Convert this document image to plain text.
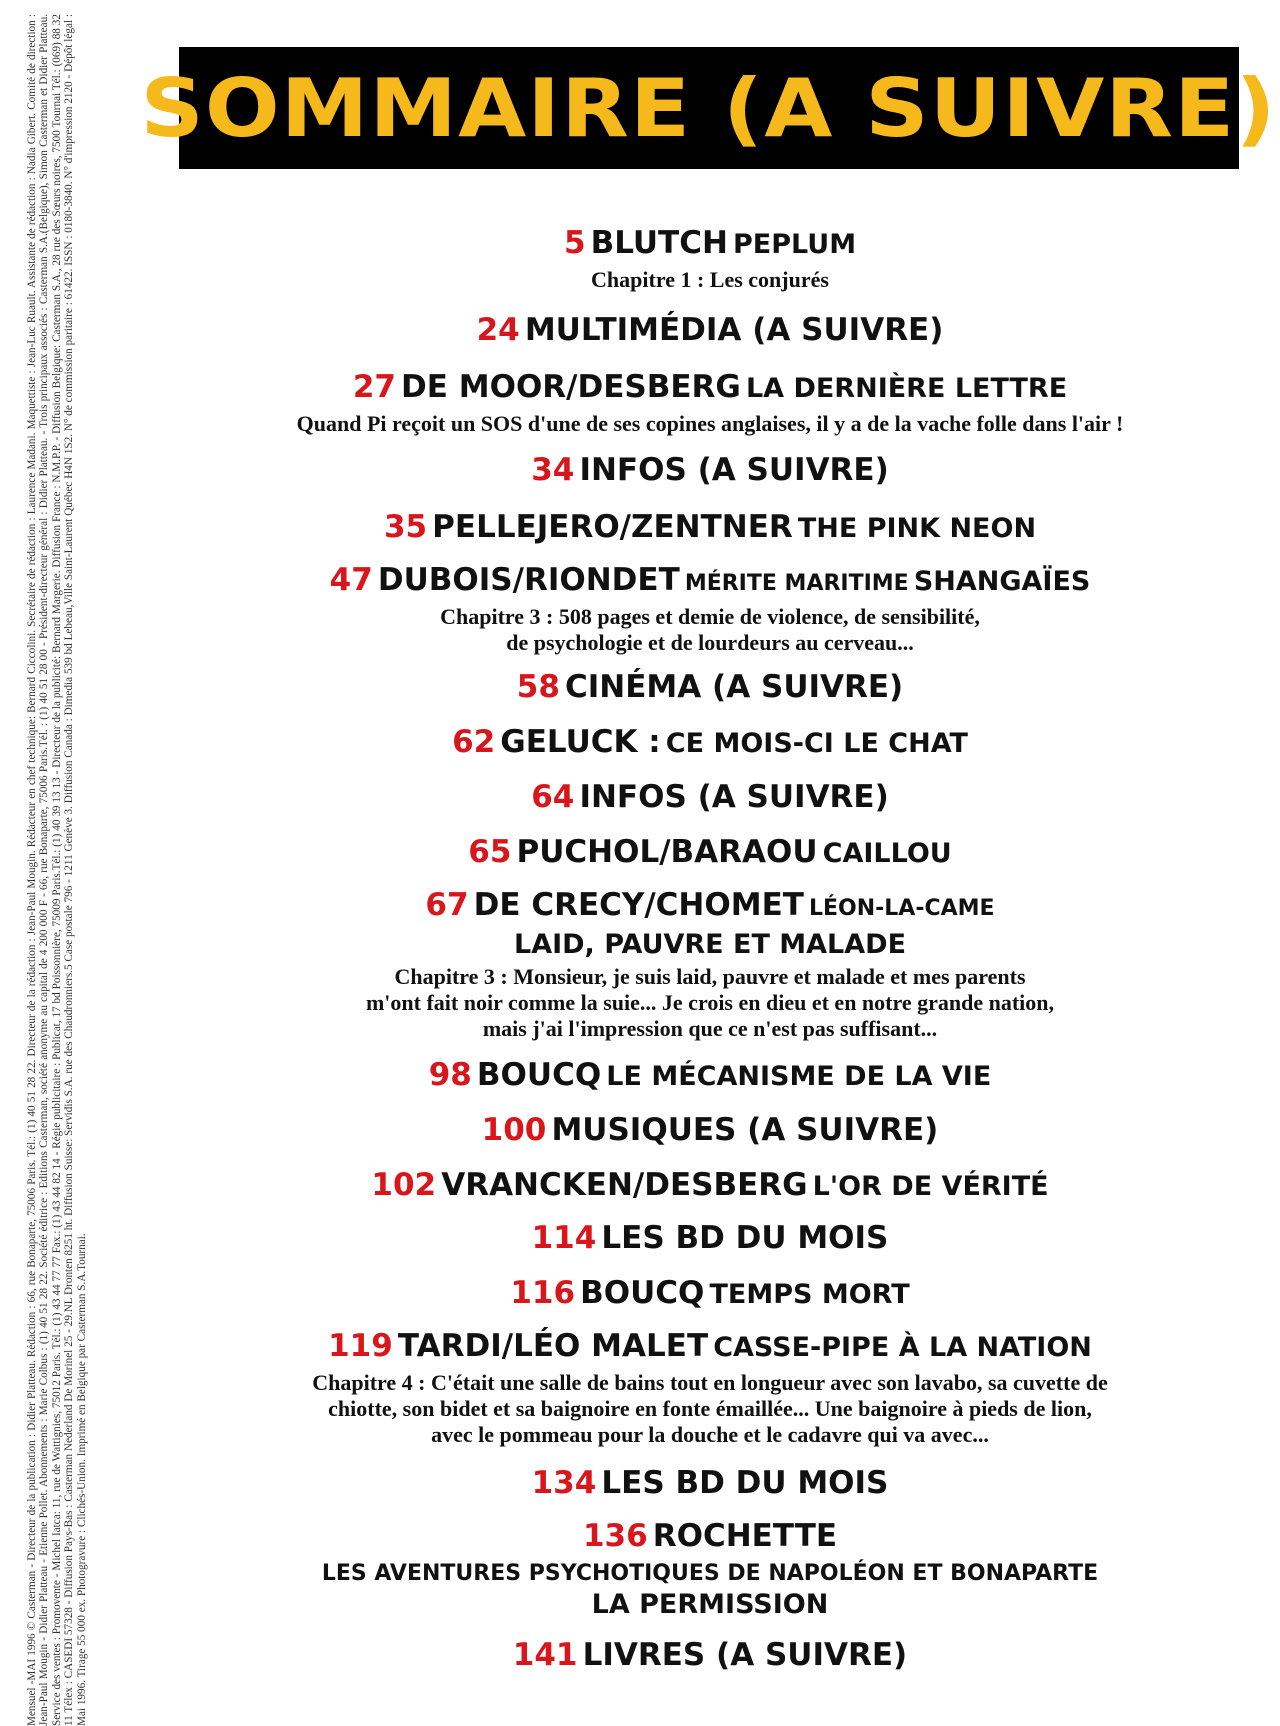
Mensuel -MAI 1996 © Casterman - Directeur de la publication : Didier Platteau. Rédaction : 66, rue Bonaparte, 75006 Paris. Tél.: (1) 40 51 28 22. Directeur de la rédaction : Jean-Paul Mougin. Rédacteur en chef technique: Bernard Ciccolini. Secrétaire de rédaction : Laurence Madani. Maquettiste : Jean-Luc Ruault. Assistante de rédaction : Nadia Gibert. Comité de direction : Jean-Paul Mougin - Didier Platteau - Etienne Pollet. Abonnements : Marie Colbus : (1) 40 51 28 22. Société éditrice : Editions Casterman, société anonyme au capital de 4 200 000 F - 66, rue Bonaparte, 75006 Paris.Tél. : (1) 40 51 28 00 - Président-directeur général : Didier Platteau. - Trois principaux associés : Casterman S.A.(Belgique), Simon Casterman et Didier Platteau. Service des ventes : Promovente - Michel Iatca: 11, rue de Wattignies, 75012 Paris. Tél.: (1) 43 44 77 77 Fax.: (1) 43 44 82 14 - Régie publicitaire : Publicat, 17 bd Poissonnière, 75009 Paris.Tél.: (1) 40 39 13 13 - Directeur de la publicité: Bernard Margerie. Diffusion France : N.M.P.P. - Diffusion Belgique: Casterman S.A., 28 rue des Sœurs noires, 7500 Tournai Tél.: (069) 88 32 11 Télex : CASEDI 57328 - Diffusion Pays-Bas : Casterman Nederland De Morinel 25 - 29.NL Dronten 8251 ht. Diffusion Suisse: Servidis S.A. rue des Chaudronniers.5 Case postale 796 - 1211 Genève 3. Diffusion Canada : Dimedia 539 bd Lebeau,Ville Saint-Laurent Québec H4N 1S2. N° de commission paritaire : 61422. ISSN : 0180-3840. N° d'impression 2120 - Dépôt légal : Mai 1996. Tirage 55 000 ex. Photogravure : Clichés-Union. Imprimé en Belgique par Casterman S.A.Tournai.

SOMMAIRE (A SUIVRE)
5 BLUTCH PEPLUM
Chapitre 1 : Les conjurés
24 MULTIMÉDIA (A SUIVRE)
27 DE MOOR/DESBERG LA DERNIÈRE LETTRE
Quand Pi reçoit un SOS d'une de ses copines anglaises, il y a de la vache folle dans l'air !
34 INFOS (A SUIVRE)
35 PELLEJERO/ZENTNER THE PINK NEON
47 DUBOIS/RIONDET MÉRITE MARITIME SHANGAÏES
Chapitre 3 : 508 pages et demie de violence, de sensibilité,
de psychologie et de lourdeurs au cerveau...
58 CINÉMA (A SUIVRE)
62 GELUCK : CE MOIS-CI LE CHAT
64 INFOS (A SUIVRE)
65 PUCHOL/BARAOU CAILLOU
67 DE CRECY/CHOMET LÉON-LA-CAME
LAID, PAUVRE ET MALADE
Chapitre 3 : Monsieur, je suis laid, pauvre et malade et mes parents
m'ont fait noir comme la suie... Je crois en dieu et en notre grande nation,
mais j'ai l'impression que ce n'est pas suffisant...
98 BOUCQ LE MÉCANISME DE LA VIE
100 MUSIQUES (A SUIVRE)
102 VRANCKEN/DESBERG L'OR DE VÉRITÉ
114 LES BD DU MOIS
116 BOUCQ TEMPS MORT
119 TARDI/LÉO MALET CASSE-PIPE À LA NATION
Chapitre 4 : C'était une salle de bains tout en longueur avec son lavabo, sa cuvette de
chiotte, son bidet et sa baignoire en fonte émaillée... Une baignoire à pieds de lion,
avec le pommeau pour la douche et le cadavre qui va avec...
134 LES BD DU MOIS
136 ROCHETTE
LES AVENTURES PSYCHOTIQUES DE NAPOLÉON ET BONAPARTE
LA PERMISSION
141 LIVRES (A SUIVRE)
